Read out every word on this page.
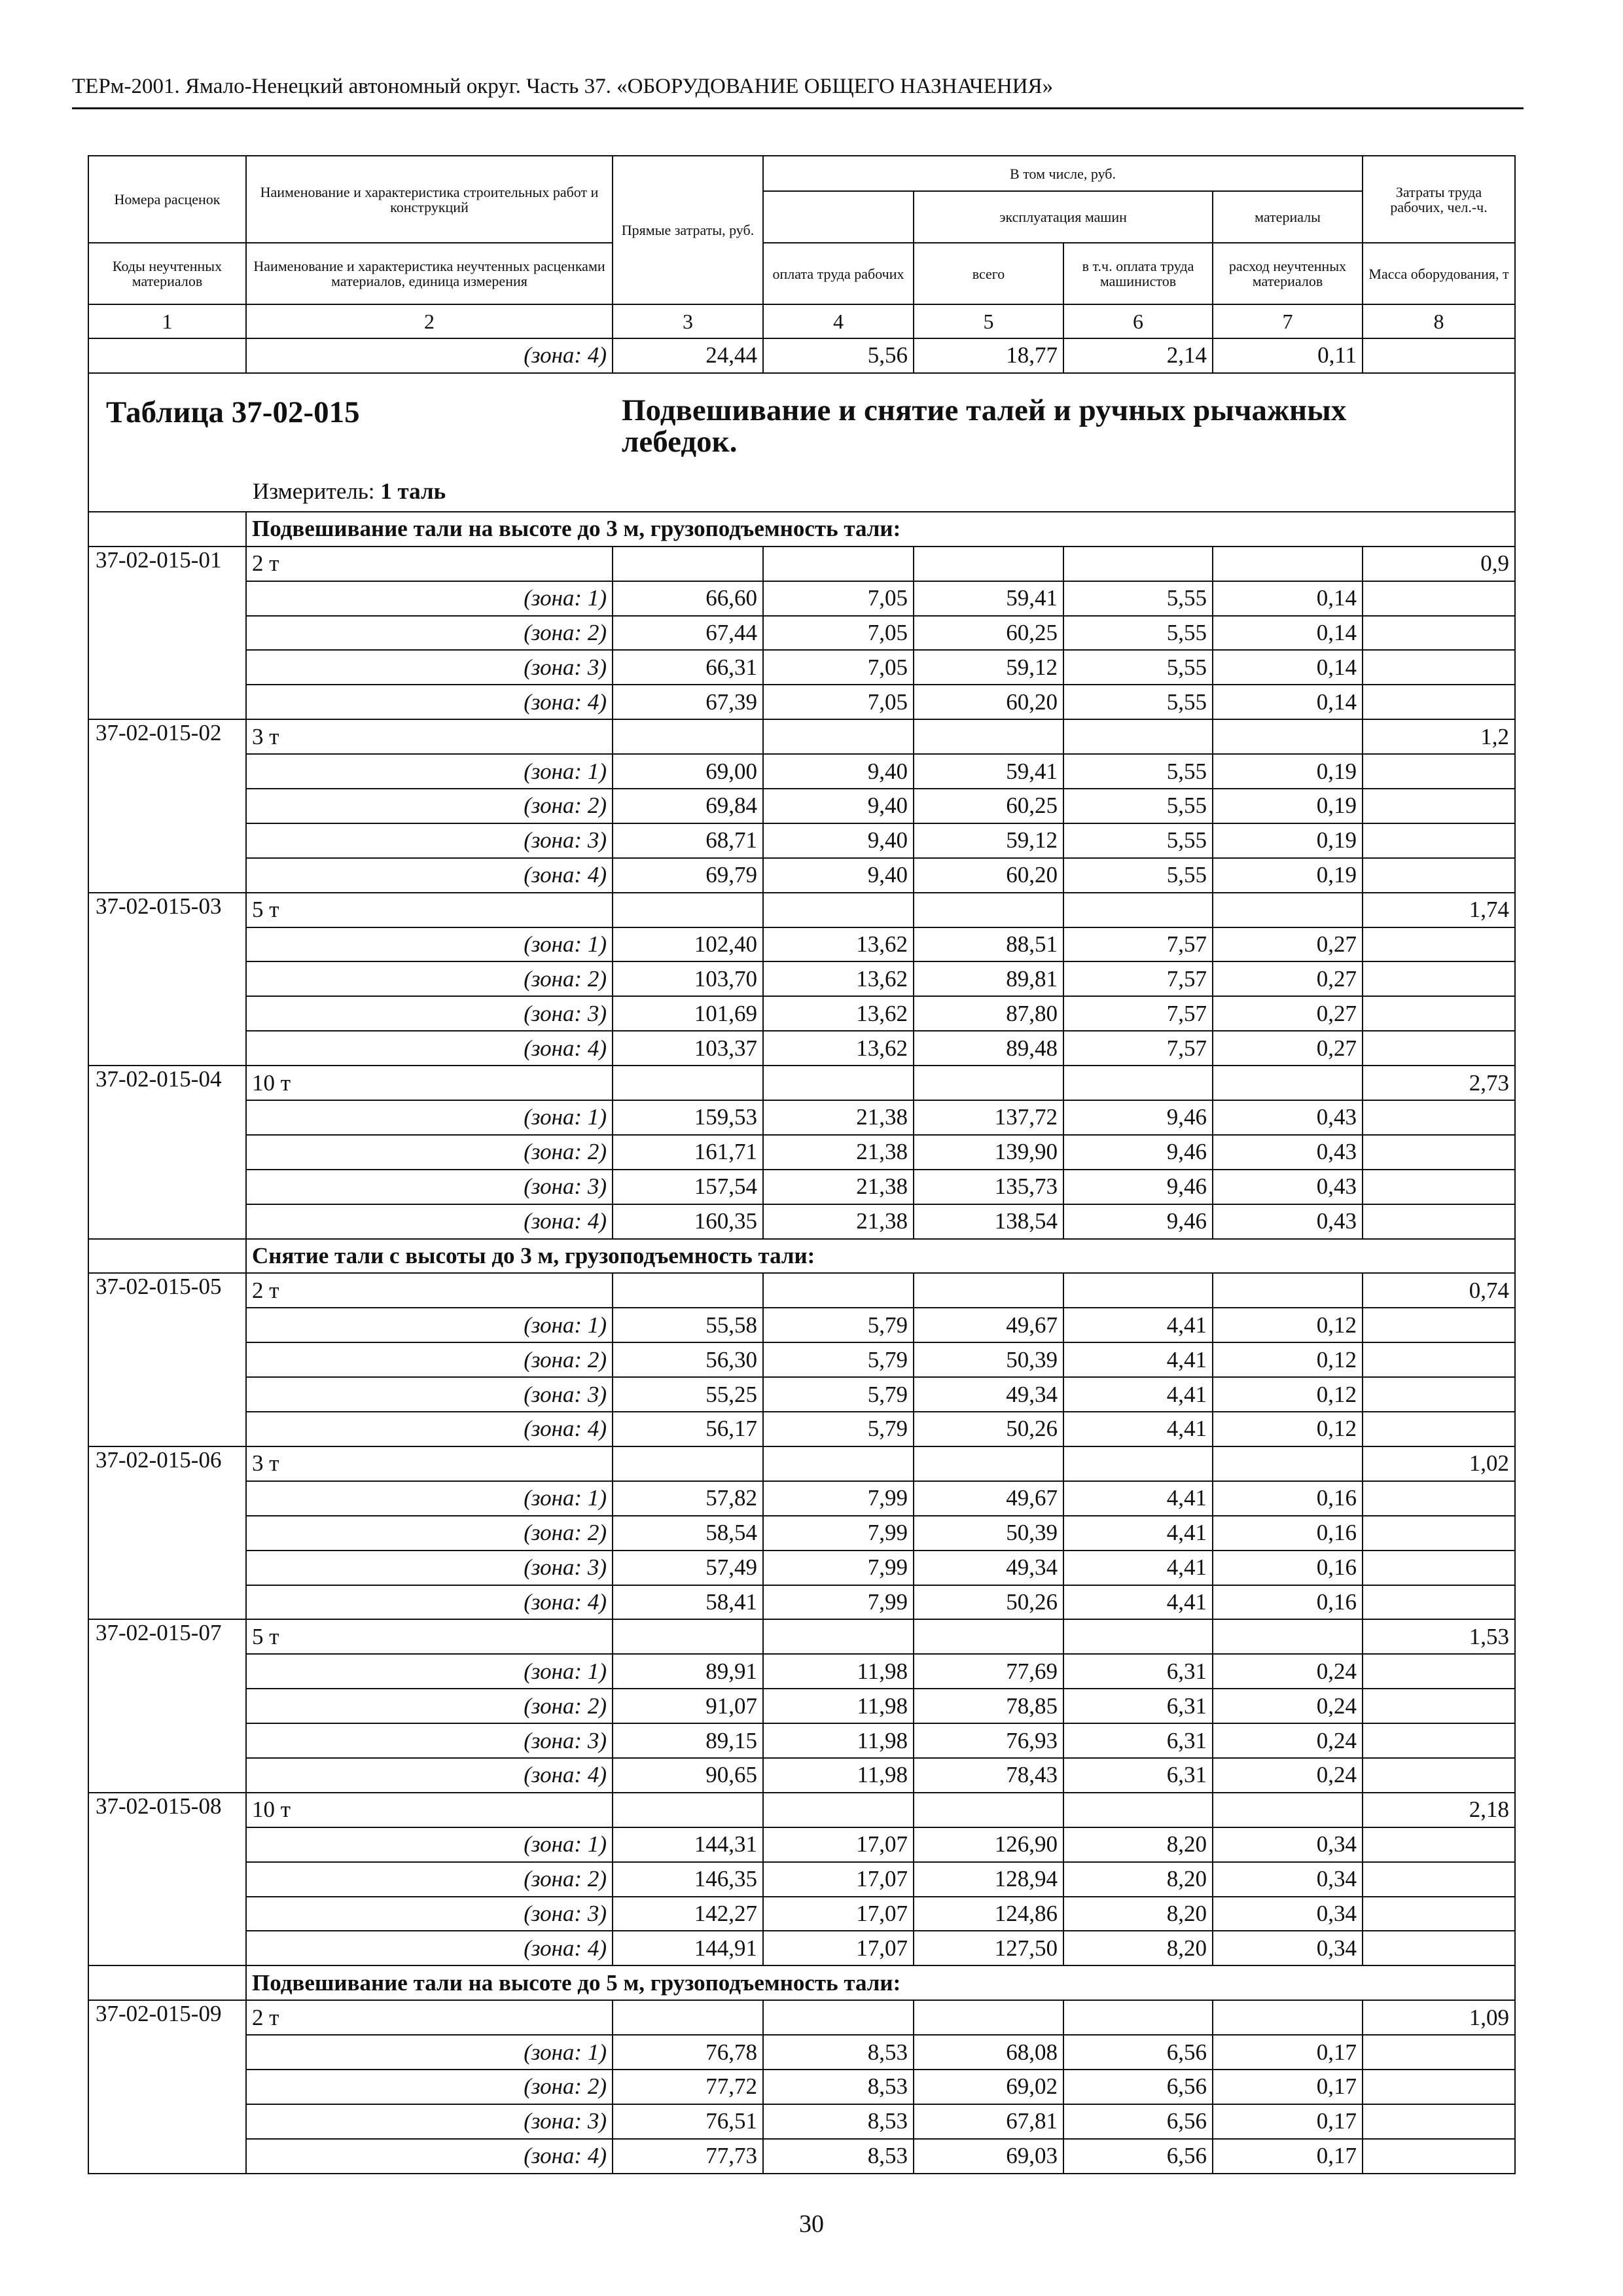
ТЕРм-2001. Ямало-Ненецкий автономный округ. Часть 37. «ОБОРУДОВАНИЕ ОБЩЕГО НАЗНАЧЕНИЯ»
Номера расценок	Наименование и характеристика строительных работ и конструкций	Прямые затраты, руб.	В том числе, руб.				Затраты труда рабочих, чел.-ч.
				эксплуатация машин		материалы	
Коды неучтенных материалов	Наименование и характеристика неучтенных расценками материалов, единица измерения		оплата труда рабочих	всего	в т.ч. оплата труда машинистов	расход неучтенных материалов	Масса оборудования, т
1	2	3	4	5	6	7	8
	(зона: 4)	24,44	5,56	18,77	2,14	0,11	

Таблица 37-02-015 Подвешивание и снятие талей и ручных рычажных лебедок.
Измеритель: 1 таль							

	Подвешивание тали на высоте до 3 м, грузоподъемность тали:						
37-02-015-01	2 т						0,9
	(зона: 1)	66,60	7,05	59,41	5,55	0,14	
	(зона: 2)	67,44	7,05	60,25	5,55	0,14	
	(зона: 3)	66,31	7,05	59,12	5,55	0,14	
	(зона: 4)	67,39	7,05	60,20	5,55	0,14	
37-02-015-02	3 т						1,2
	(зона: 1)	69,00	9,40	59,41	5,55	0,19	
	(зона: 2)	69,84	9,40	60,25	5,55	0,19	
	(зона: 3)	68,71	9,40	59,12	5,55	0,19	
	(зона: 4)	69,79	9,40	60,20	5,55	0,19	
37-02-015-03	5 т						1,74
	(зона: 1)	102,40	13,62	88,51	7,57	0,27	
	(зона: 2)	103,70	13,62	89,81	7,57	0,27	
	(зона: 3)	101,69	13,62	87,80	7,57	0,27	
	(зона: 4)	103,37	13,62	89,48	7,57	0,27	
37-02-015-04	10 т						2,73
	(зона: 1)	159,53	21,38	137,72	9,46	0,43	
	(зона: 2)	161,71	21,38	139,90	9,46	0,43	
	(зона: 3)	157,54	21,38	135,73	9,46	0,43	
	(зона: 4)	160,35	21,38	138,54	9,46	0,43	
	Снятие тали с высоты до 3 м, грузоподъемность тали:						
37-02-015-05	2 т						0,74
	(зона: 1)	55,58	5,79	49,67	4,41	0,12	
	(зона: 2)	56,30	5,79	50,39	4,41	0,12	
	(зона: 3)	55,25	5,79	49,34	4,41	0,12	
	(зона: 4)	56,17	5,79	50,26	4,41	0,12	
37-02-015-06	3 т						1,02
	(зона: 1)	57,82	7,99	49,67	4,41	0,16	
	(зона: 2)	58,54	7,99	50,39	4,41	0,16	
	(зона: 3)	57,49	7,99	49,34	4,41	0,16	
	(зона: 4)	58,41	7,99	50,26	4,41	0,16	
37-02-015-07	5 т						1,53
	(зона: 1)	89,91	11,98	77,69	6,31	0,24	
	(зона: 2)	91,07	11,98	78,85	6,31	0,24	
	(зона: 3)	89,15	11,98	76,93	6,31	0,24	
	(зона: 4)	90,65	11,98	78,43	6,31	0,24	
37-02-015-08	10 т						2,18
	(зона: 1)	144,31	17,07	126,90	8,20	0,34	
	(зона: 2)	146,35	17,07	128,94	8,20	0,34	
	(зона: 3)	142,27	17,07	124,86	8,20	0,34	
	(зона: 4)	144,91	17,07	127,50	8,20	0,34	
	Подвешивание тали на высоте до 5 м, грузоподъемность тали:						
37-02-015-09	2 т						1,09
	(зона: 1)	76,78	8,53	68,08	6,56	0,17	
	(зона: 2)	77,72	8,53	69,02	6,56	0,17	
	(зона: 3)	76,51	8,53	67,81	6,56	0,17	
	(зона: 4)	77,73	8,53	69,03	6,56	0,17	
30
